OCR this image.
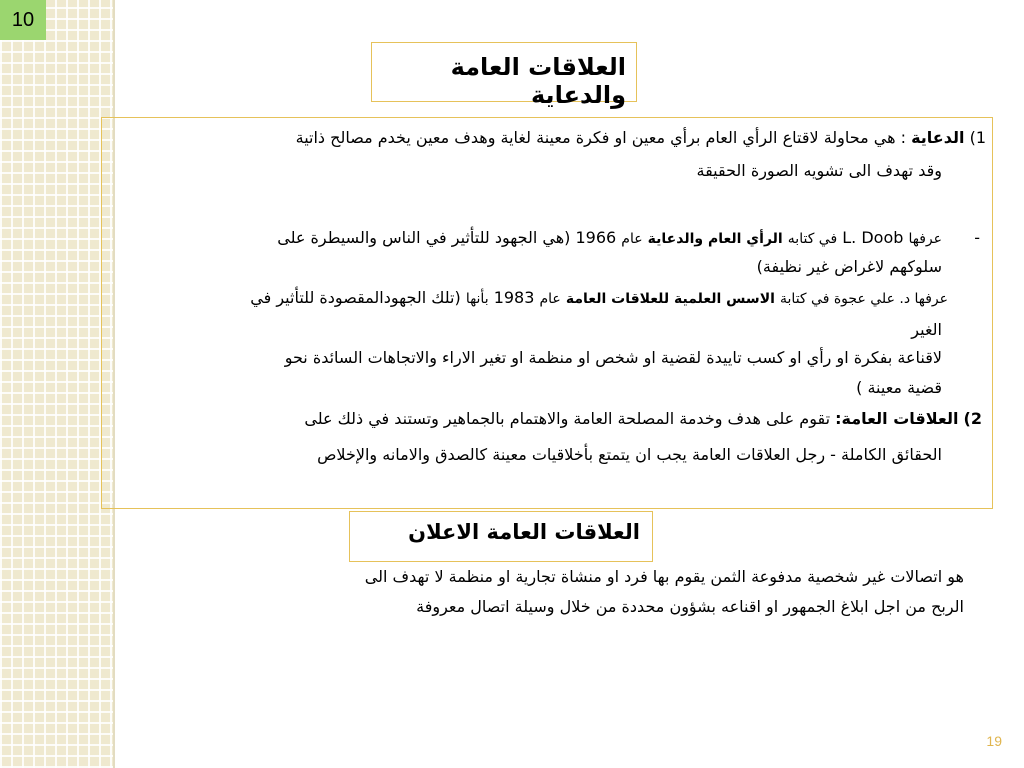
10
العلاقات العامة والدعاية
1) الدعاية : هي محاولة لاقتاع الرأي العام برأي معين او فكرة معينة لغاية وهدف معين يخدم مصالح ذاتية
وقد تهدف الى تشويه الصورة الحقيقة
-
عرفها L. Doob في كتابه الرأي العام والدعاية عام 1966 (هي الجهود للتأثير في الناس والسيطرة على
سلوكهم لاغراض غير نظيفة)
عرفها د. علي عجوة في كتابة الاسس العلمية للعلاقات العامة عام 1983 بأنها (تلك الجهودالمقصودة للتأثير في
الغير
لاقناعة بفكرة او رأي او كسب تاييدة لقضية او شخص او منظمة او تغير الاراء والاتجاهات السائدة نحو
قضية معينة )
2) العلاقات العامة: تقوم على هدف وخدمة المصلحة العامة والاهتمام بالجماهير وتستند في ذلك على
الحقائق الكاملة - رجل العلاقات العامة يجب ان يتمتع بأخلاقيات معينة كالصدق والامانه والإخلاص
العلاقات العامة الاعلان
هو اتصالات غير شخصية مدفوعة الثمن يقوم بها فرد او منشاة تجارية او منظمة لا تهدف الى
الربح من اجل ابلاغ الجمهور او اقناعه بشؤون محددة من خلال وسيلة اتصال معروفة
19
